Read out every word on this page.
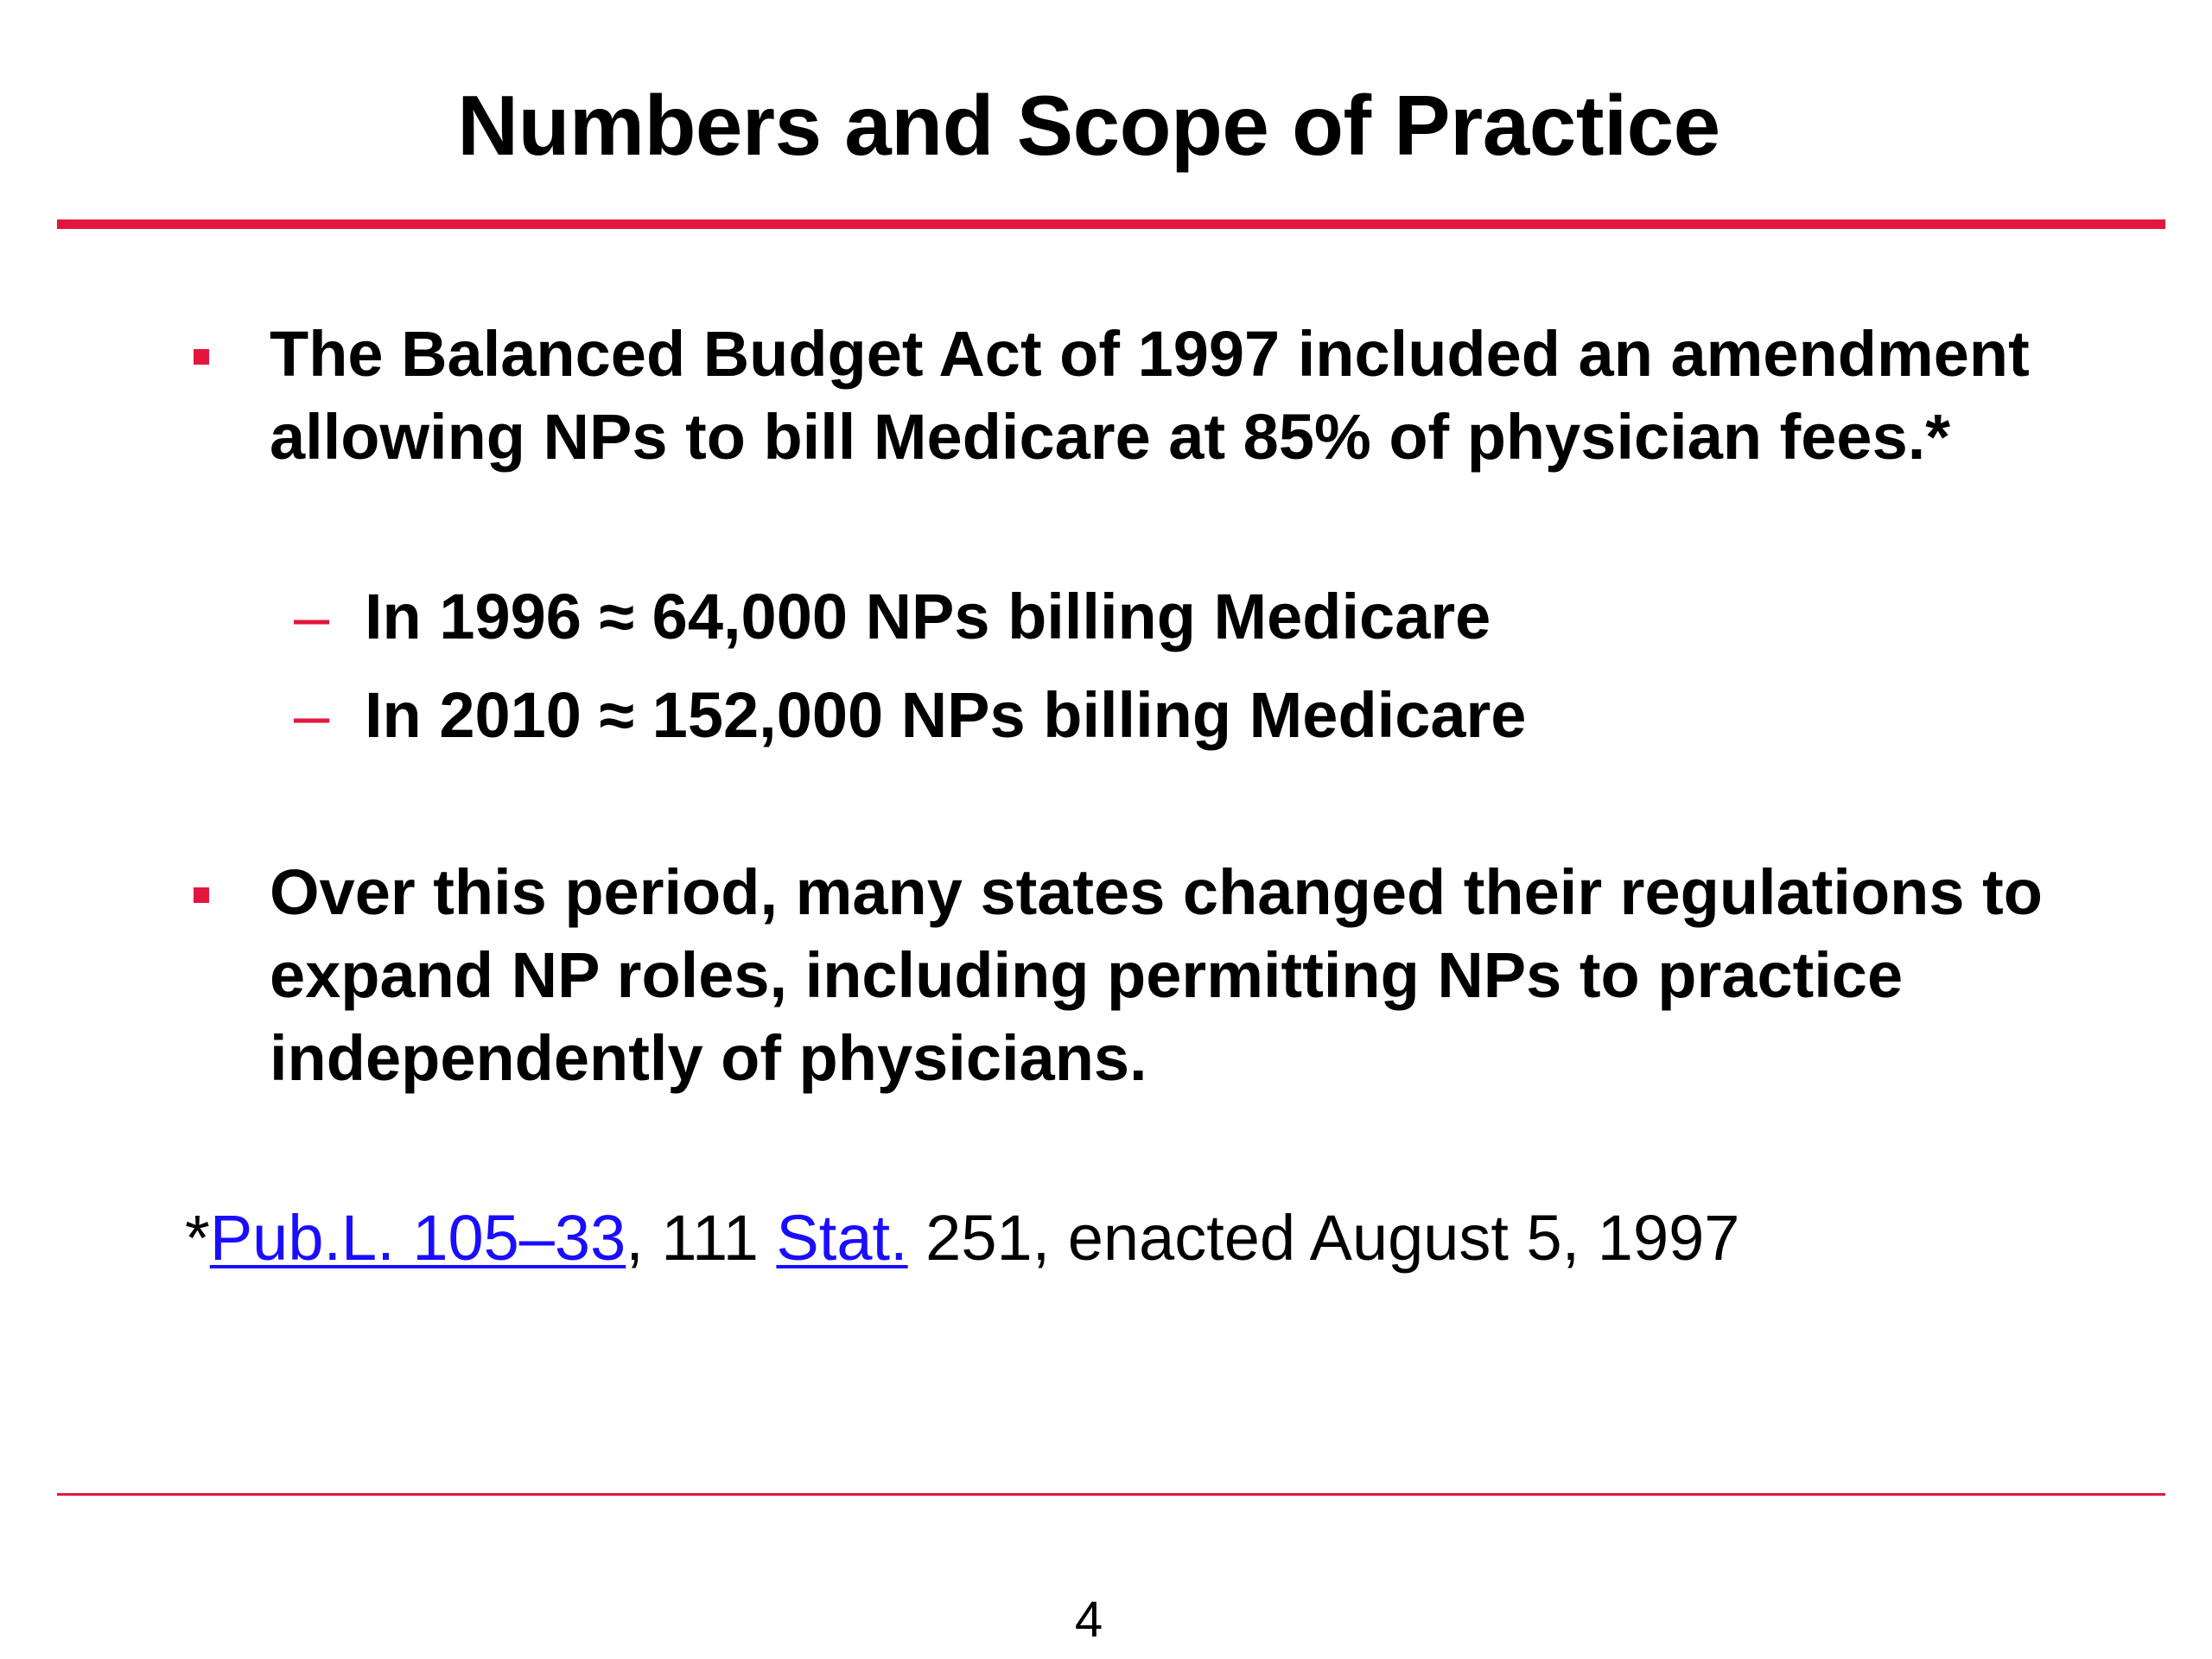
Numbers and Scope of Practice
The Balanced Budget Act of 1997 included an amendment allowing NPs to bill Medicare at 85% of physician fees.*
– In 1996 ≈ 64,000 NPs billing Medicare
– In 2010 ≈ 152,000 NPs billing Medicare
Over this period, many states changed their regulations to expand NP roles, including permitting NPs to practice independently of physicians.
*Pub.L. 105–33, 111 Stat. 251, enacted August 5, 1997
4
